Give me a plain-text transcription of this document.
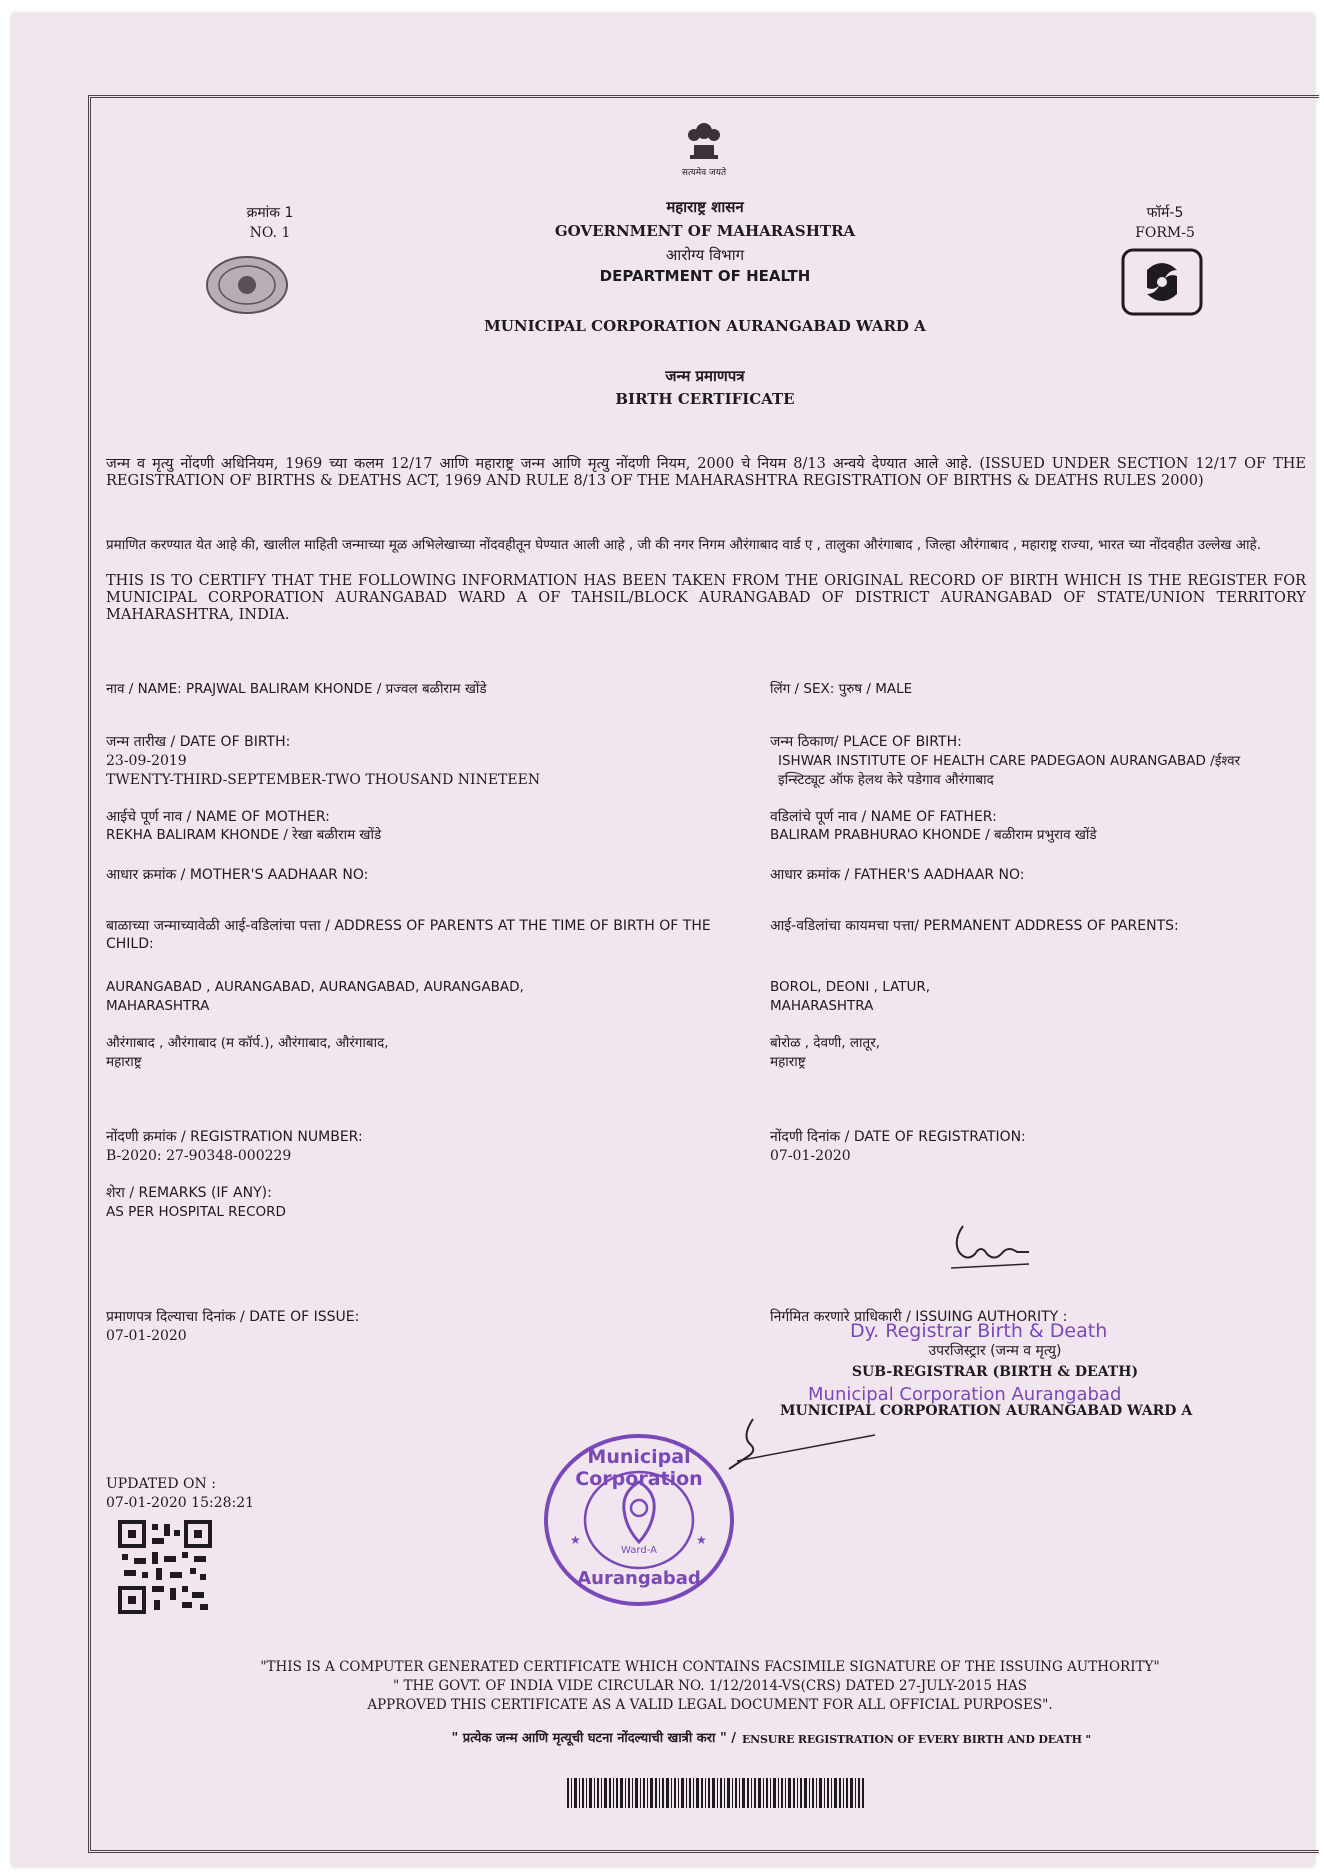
सत्यमेव जयते
क्रमांक 1
NO. 1
फॉर्म-5
FORM-5
महाराष्ट्र शासन
GOVERNMENT OF MAHARASHTRA
आरोग्य विभाग
DEPARTMENT OF HEALTH
MUNICIPAL CORPORATION AURANGABAD WARD A
जन्म प्रमाणपत्र
BIRTH CERTIFICATE
जन्म व मृत्यु नोंदणी अधिनियम, 1969 च्या कलम 12/17 आणि महाराष्ट्र जन्म आणि मृत्यु नोंदणी नियम, 2000 चे नियम 8/13 अन्वये देण्यात आले आहे. (ISSUED UNDER SECTION 12/17 OF THE REGISTRATION OF BIRTHS & DEATHS ACT, 1969 AND RULE 8/13 OF THE MAHARASHTRA REGISTRATION OF BIRTHS & DEATHS RULES 2000)
प्रमाणित करण्यात येत आहे की, खालील माहिती जन्माच्या मूळ अभिलेखाच्या नोंदवहीतून घेण्यात आली आहे , जी की नगर निगम औरंगाबाद वार्ड ए , तालुका औरंगाबाद , जिल्हा औरंगाबाद , महाराष्ट्र राज्या, भारत च्या नोंदवहीत उल्लेख आहे.
THIS IS TO CERTIFY THAT THE FOLLOWING INFORMATION HAS BEEN TAKEN FROM THE ORIGINAL RECORD OF BIRTH WHICH IS THE REGISTER FOR MUNICIPAL CORPORATION AURANGABAD WARD A OF TAHSIL/BLOCK AURANGABAD OF DISTRICT AURANGABAD OF STATE/UNION TERRITORY MAHARASHTRA, INDIA.
नाव / NAME: PRAJWAL BALIRAM KHONDE / प्रज्वल बळीराम खोंडे
जन्म तारीख / DATE OF BIRTH:
23-09-2019
TWENTY-THIRD-SEPTEMBER-TWO THOUSAND NINETEEN
आईचे पूर्ण नाव / NAME OF MOTHER:
REKHA BALIRAM KHONDE / रेखा बळीराम खोंडे
आधार क्रमांक / MOTHER'S AADHAAR NO:
बाळाच्या जन्माच्यावेळी आई-वडिलांचा पत्ता / ADDRESS OF PARENTS AT THE TIME OF BIRTH OF THE CHILD:
AURANGABAD , AURANGABAD, AURANGABAD, AURANGABAD,
MAHARASHTRA
औरंगाबाद , औरंगाबाद (म कॉर्प.), औरंगाबाद, औरंगाबाद,
महाराष्ट्र
नोंदणी क्रमांक / REGISTRATION NUMBER:
B-2020: 27-90348-000229
शेरा / REMARKS (IF ANY):
AS PER HOSPITAL RECORD
प्रमाणपत्र दिल्याचा दिनांक / DATE OF ISSUE:
07-01-2020
लिंग / SEX: पुरुष / MALE
जन्म ठिकाण/ PLACE OF BIRTH:
ISHWAR INSTITUTE OF HEALTH CARE PADEGAON AURANGABAD /ईश्वर
इन्स्टिट्यूट ऑफ हेलथ केरे पडेगाव औरंगाबाद
वडिलांचे पूर्ण नाव / NAME OF FATHER:
BALIRAM PRABHURAO KHONDE / बळीराम प्रभुराव खोंडे
आधार क्रमांक / FATHER'S AADHAAR NO:
आई-वडिलांचा कायमचा पत्ता/ PERMANENT ADDRESS OF PARENTS:
BOROL, DEONI , LATUR,
MAHARASHTRA
बोरोळ , देवणी, लातूर,
महाराष्ट्र
नोंदणी दिनांक / DATE OF REGISTRATION:
07-01-2020
निर्गमित करणारे प्राधिकारी / ISSUING AUTHORITY :
Dy. Registrar Birth & Death
उपरजिस्ट्रार (जन्म व मृत्यु)
SUB-REGISTRAR (BIRTH & DEATH)
Municipal Corporation Aurangabad
MUNICIPAL CORPORATION AURANGABAD WARD A
★	★
Municipal Corporation
Ward-A
Aurangabad
UPDATED ON :
07-01-2020 15:28:21
"THIS IS A COMPUTER GENERATED CERTIFICATE WHICH CONTAINS FACSIMILE SIGNATURE OF THE ISSUING AUTHORITY"
" THE GOVT. OF INDIA VIDE CIRCULAR NO. 1/12/2014-VS(CRS) DATED 27-JULY-2015 HAS
APPROVED THIS CERTIFICATE AS A VALID LEGAL DOCUMENT FOR ALL OFFICIAL PURPOSES".
" प्रत्येक जन्म आणि मृत्यूची घटना नोंदल्याची खात्री करा " / ENSURE REGISTRATION OF EVERY BIRTH AND DEATH "
